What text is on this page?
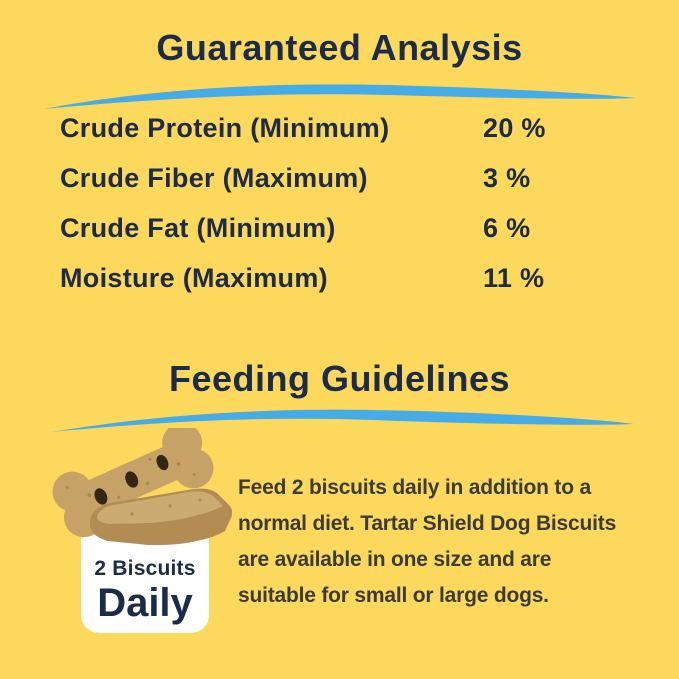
Guaranteed Analysis
Crude Protein (Minimum)	20 %
Crude Fiber (Maximum)	3 %
Crude Fat (Minimum)	6 %
Moisture (Maximum)	11 %
Feeding Guidelines
2 Biscuits
Daily
Feed 2 biscuits daily in addition to a
normal diet. Tartar Shield Dog Biscuits
are available in one size and are
suitable for small or large dogs.
